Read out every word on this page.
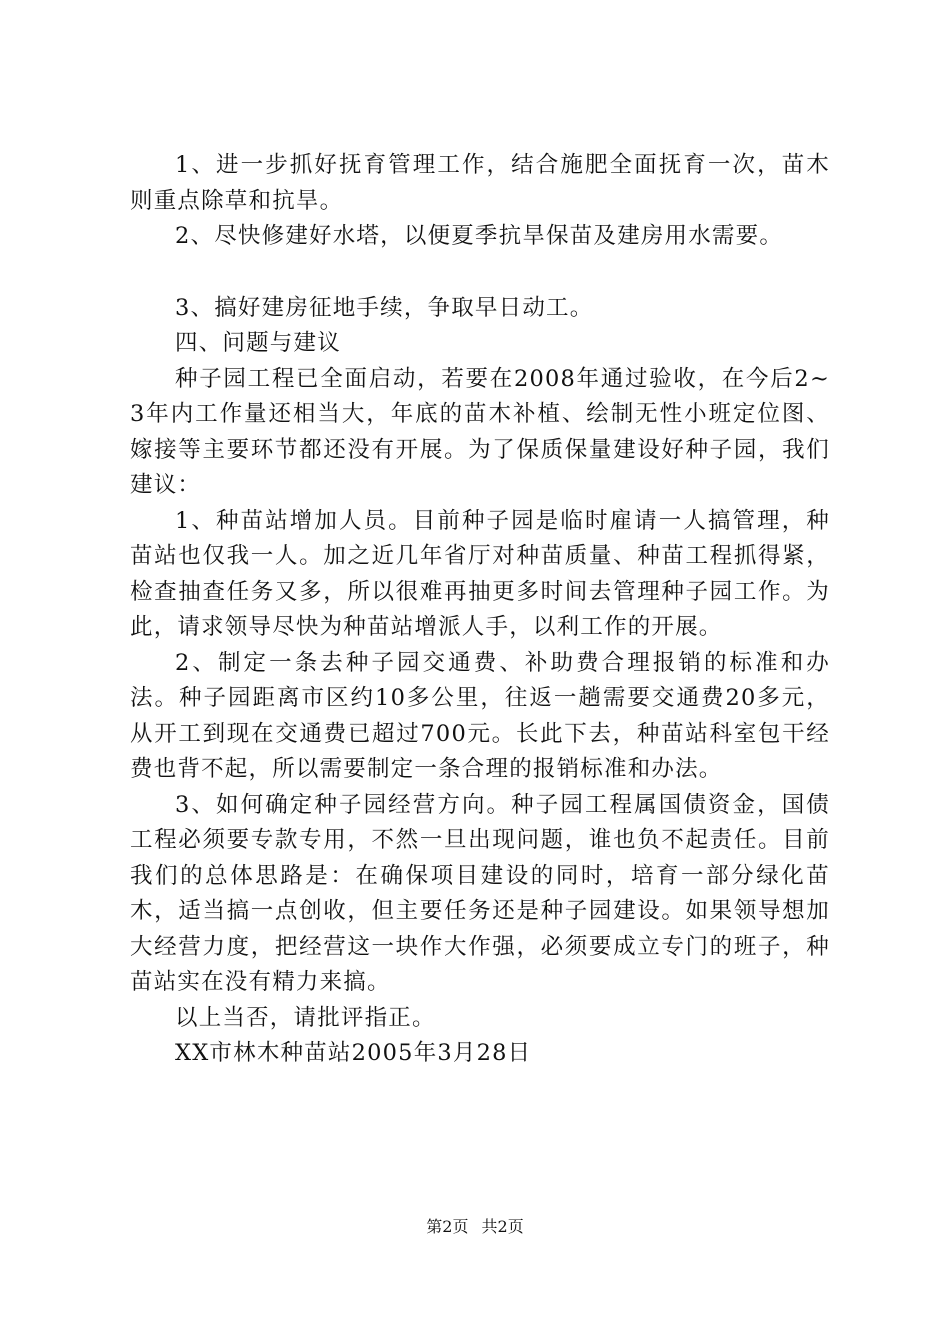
1、进一步抓好抚育管理工作，结合施肥全面抚育一次，苗木则重点除草和抗旱。

2、尽快修建好水塔，以便夏季抗旱保苗及建房用水需要。

3、搞好建房征地手续，争取早日动工。

四、问题与建议

种子园工程已全面启动，若要在2008年通过验收，在今后2~3年内工作量还相当大，年底的苗木补植、绘制无性小班定位图、嫁接等主要环节都还没有开展。为了保质保量建设好种子园，我们建议：

1、种苗站增加人员。目前种子园是临时雇请一人搞管理，种苗站也仅我一人。加之近几年省厅对种苗质量、种苗工程抓得紧，检查抽查任务又多，所以很难再抽更多时间去管理种子园工作。为此，请求领导尽快为种苗站增派人手，以利工作的开展。

2、制定一条去种子园交通费、补助费合理报销的标准和办法。种子园距离市区约10多公里，往返一趟需要交通费20多元，从开工到现在交通费已超过700元。长此下去，种苗站科室包干经费也背不起，所以需要制定一条合理的报销标准和办法。

3、如何确定种子园经营方向。种子园工程属国债资金，国债工程必须要专款专用，不然一旦出现问题，谁也负不起责任。目前我们的总体思路是：在确保项目建设的同时，培育一部分绿化苗木，适当搞一点创收，但主要任务还是种子园建设。如果领导想加大经营力度，把经营这一块作大作强，必须要成立专门的班子，种苗站实在没有精力来搞。

以上当否，请批评指正。

XX市林木种苗站2005年3月28日

第2页 共2页
